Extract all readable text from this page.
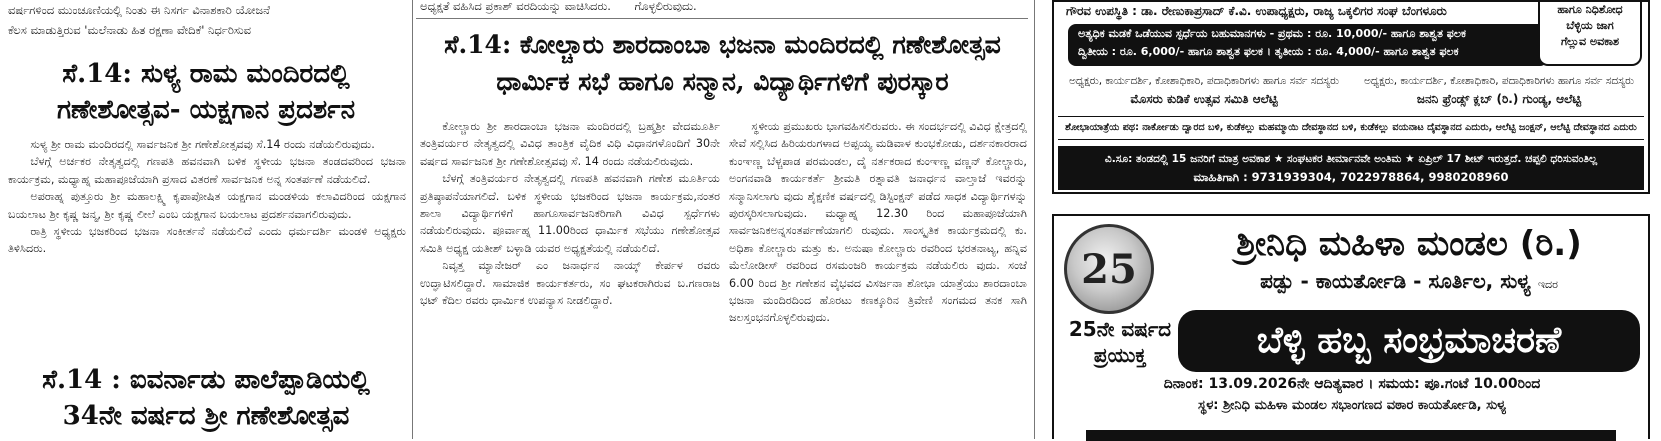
ವರ್ಷಗಳಿಂದ ಮುಂಚೂಣಿಯಲ್ಲಿ ನಿಂತು ಈ ನಿಸರ್ಗ ವಿನಾಶಕಾರಿ ಯೋಜನೆ
ಕೆಲಸ ಮಾಡುತ್ತಿರುವ 'ಮಲೆನಾಡು ಹಿತ ರಕ್ಷಣಾ ವೇದಿಕೆ' ನಿರ್ಧರಿಸುವ
ಸೆ.14: ಸುಳ್ಯ ರಾಮ ಮಂದಿರದಲ್ಲಿ
ಗಣೇಶೋತ್ಸವ- ಯಕ್ಷಗಾನ ಪ್ರದರ್ಶನ

ಸುಳ್ಯ ಶ್ರೀ ರಾಮ ಮಂದಿರದಲ್ಲಿ ಸಾರ್ವಜನಿಕ ಶ್ರೀ ಗಣೇಶೋತ್ಸವವು ಸೆ.14 ರಂದು ನಡೆಯಲಿರುವುದು.

ಬೆಳಗ್ಗೆ ಅರ್ಚಕರ ನೇತೃತ್ವದಲ್ಲಿ ಗಣಪತಿ ಹವನವಾಗಿ ಬಳಿಕ ಸ್ಥಳೀಯ ಭಜನಾ ತಂಡದವರಿಂದ ಭಜನಾ ಕಾರ್ಯಕ್ರಮ, ಮಧ್ಯಾಹ್ನ ಮಹಾಪೂಜೆಯಾಗಿ ಪ್ರಸಾದ ವಿತರಣೆ ಸಾರ್ವಜನಿಕ ಅನ್ನ ಸಂತರ್ಪಣೆ ನಡೆಯಲಿದೆ.

ಅಪರಾಹ್ನ ಪುತ್ತೂರು ಶ್ರೀ ಮಹಾಲಕ್ಷ್ಮಿ ಕೃಪಾಪೋಷಿತ ಯಕ್ಷಗಾನ ಮಂಡಳಿಯ ಕಲಾವಿದರಿಂದ ಯಕ್ಷಗಾನ ಬಯಲಾಟ ಶ್ರೀ ಕೃಷ್ಣ ಜನ್ಮ, ಶ್ರೀ ಕೃಷ್ಣ ಲೀಲೆ ಎಂಬ ಯಕ್ಷಗಾನ ಬಯಲಾಟ ಪ್ರದರ್ಶನವಾಗಲಿರುವುದು.

ರಾತ್ರಿ ಸ್ಥಳೀಯ ಭಜಕರಿಂದ ಭಜನಾ ಸಂಕೀರ್ತನೆ ನಡೆಯಲಿದೆ ಎಂದು ಧರ್ಮದರ್ಶಿ ಮಂಡಳಿ ಅಧ್ಯಕ್ಷರು ತಿಳಿಸಿದರು.

ಸೆ.14 : ಐವರ್ನಾಡು ಪಾಲೆಪ್ಪಾಡಿಯಲ್ಲಿ
34ನೇ ವರ್ಷದ ಶ್ರೀ ಗಣೇಶೋತ್ಸವ
ಅಧ್ಯಕ್ಷತೆ ವಹಿಸಿದ ಪ್ರಕಾಶ್ ವರದಿಯನ್ನು ವಾಚಿಸಿದರು. ಗೊಳ್ಳಲಿರುವುದು.
ಸೆ.14: ಕೋಲ್ಚಾರು ಶಾರದಾಂಬಾ ಭಜನಾ ಮಂದಿರದಲ್ಲಿ ಗಣೇಶೋತ್ಸವ
ಧಾರ್ಮಿಕ ಸಭೆ ಹಾಗೂ ಸನ್ಮಾನ, ವಿದ್ಯಾರ್ಥಿಗಳಿಗೆ ಪುರಸ್ಕಾರ

ಕೋಲ್ಚಾರು ಶ್ರೀ ಶಾರದಾಂಬಾ ಭಜನಾ ಮಂದಿರದಲ್ಲಿ ಬ್ರಹ್ಮಶ್ರೀ ವೇದಮೂರ್ತಿ ತಂತ್ರಿವರ್ಯರ ನೇತೃತ್ವದಲ್ಲಿ ವಿವಿಧ ತಾಂತ್ರಿಕ ವೈದಿಕ ವಿಧಿ ವಿಧಾನಗಳೊಂದಿಗೆ 30ನೇ ವರ್ಷದ ಸಾರ್ವಜನಿಕ ಶ್ರೀ ಗಣೇಶೋತ್ಸವವು ಸೆ. 14 ರಂದು ನಡೆಯಲಿರುವುದು.

ಬೆಳಗ್ಗೆ ತಂತ್ರಿವರ್ಯರ ನೇತೃತ್ವದಲ್ಲಿ ಗಣಪತಿ ಹವನವಾಗಿ ಗಣೇಶ ಮೂರ್ತಿಯ ಪ್ರತಿಷ್ಠಾಪನೆಯಾಗಲಿದೆ. ಬಳಿಕ ಸ್ಥಳೀಯ ಭಜಕರಿಂದ ಭಜನಾ ಕಾರ್ಯಕ್ರಮ,ನಂತರ ಶಾಲಾ ವಿದ್ಯಾರ್ಥಿಗಳಿಗೆ ಹಾಗೂಸಾರ್ವಜನಿಕರಿಗಾಗಿ ವಿವಿಧ ಸ್ಪರ್ಧೆಗಳು ನಡೆಯಲಿರುವುದು. ಪೂರ್ವಾಹ್ನ 11.00ರಿಂದ ಧಾರ್ಮಿಕ ಸಭೆಯು ಗಣೇಶೋತ್ಸವ ಸಮಿತಿ ಅಧ್ಯಕ್ಷ ಯತೀಶ್ ಬಳ್ಳಾಡಿ ಯವರ ಅಧ್ಯಕ್ಷತೆಯಲ್ಲಿ ನಡೆಯಲಿದೆ.

ನಿವೃತ್ತ ಮ್ಯಾನೇಜರ್ ಎಂ ಜನಾರ್ಧನ ನಾಯ್ಕ್ ಕೇರ್ಪಳ ರವರು ಉದ್ಘಾಟಿಸಲಿದ್ದಾರೆ. ಸಾಮಾಜಿಕ ಕಾರ್ಯಕರ್ತರು, ಸಂ ಘಟಕರಾಗಿರುವ ಬ.ಗಣರಾಜ ಭಟ್ ಕೆದಿಲ ರವರು ಧಾರ್ಮಿಕ ಉಪನ್ಯಾಸ ನೀಡಲಿದ್ದಾರೆ.

ಸ್ಥಳೀಯ ಪ್ರಮುಖರು ಭಾಗವಹಿಸಲಿರುವರು. ಈ ಸಂದರ್ಭದಲ್ಲಿ ವಿವಿಧ ಕ್ಷೇತ್ರದಲ್ಲಿ ಸೇವೆ ಸಲ್ಲಿಸಿದ ಹಿರಿಯರುಗಳಾದ ಅಪ್ಪಯ್ಯ ಮಡಿವಾಳ ಕುಂಭಕೋಡು, ದರ್ಶನಕಾರರಾದ ಕುಂಞಣ್ಣ ಬೆಳ್ಚಪಾಡ ಪರಮಂಡಲ, ದೈ ನರ್ತಕರಾದ ಕುಂಞಣ್ಣ ವಣ್ಣನ್ ಕೋಲ್ಚಾರು, ಅಂಗನವಾಡಿ ಕಾರ್ಯಕರ್ತೆ ಶ್ರೀಮತಿ ರತ್ನಾವತಿ ಜನಾರ್ಧನ ವಾಲ್ತಾಜೆ ಇವರನ್ನು ಸನ್ಮಾನಿಸಲಾಗು ವುದು ಶೈಕ್ಷಣಿಕ ವರ್ಷದಲ್ಲಿ ಡಿಸ್ಟಿಂಕ್ಷನ್ ಪಡೆದ ಸಾಧಕ ವಿದ್ಯಾರ್ಥಿಗಳನ್ನು ಪುರಸ್ಕರಿಸಲಾಗುವುದು. ಮಧ್ಯಾಹ್ನ 12.30 ರಿಂದ ಮಹಾಪೂಜೆಯಾಗಿ ಸಾರ್ವಜನಿಕಅನ್ನಸಂತರ್ಪಣೆಯಾಗಲಿ ರುವುದು. ಸಾಂಸ್ಕೃತಿಕ ಕಾರ್ಯಕ್ರಮದಲ್ಲಿ ಕು. ಅಧಿಶಾ ಕೋಲ್ಚಾರು ಮತ್ತು ಕು. ಅನುಷಾ ಕೋಲ್ಚಾರು ರವರಿಂದ ಭರತನಾಟ್ಯ, ಹನ್ನಿವ ಮೆಲೋಡೀಸ್ ರವರಿಂದ ರಸಮಂಜರಿ ಕಾರ್ಯಕ್ರಮ ನಡೆಯಲಿರು ವುದು. ಸಂಜೆ 6.00 ರಿಂದ ಶ್ರೀ ಗಣೇಶನ ವೈಭವದ ವಿಸರ್ಜನಾ ಶೋಭಾ ಯಾತ್ರೆಯು ಶಾರದಾಂಬಾ ಭಜನಾ ಮಂದಿರದಿಂದ ಹೊರಟು ಕಣಕ್ಕೂರಿನ ತ್ರಿವೇಣಿ ಸಂಗಮದ ತನಕ ಸಾಗಿ ಜಲಸ್ತಂಭನಗೊಳ್ಳಲಿರುವುದು.

ಗೌರವ ಉಪಸ್ಥಿತಿ : ಡಾ. ರೇಣುಕಾಪ್ರಸಾದ್ ಕೆ.ವಿ. ಉಪಾಧ್ಯಕ್ಷರು, ರಾಜ್ಯ ಒಕ್ಕಲಿಗರ ಸಂಘ ಬೆಂಗಳೂರು
ಅತ್ಯಧಿಕ ಮಡಕೆ ಒಡೆಯುವ ಸ್ಪರ್ಧೆಯ ಬಹುಮಾನಗಳು - ಪ್ರಥಮ : ರೂ. 10,000/- ಹಾಗೂ ಶಾಶ್ವತ ಫಲಕ
ದ್ವಿತೀಯ : ರೂ. 6,000/- ಹಾಗೂ ಶಾಶ್ವತ ಫಲಕ । ತೃತೀಯ : ರೂ. 4,000/- ಹಾಗೂ ಶಾಶ್ವತ ಫಲಕ
ಹಾಗೂ ನಿಧಿಶೋಧ
ಬೆಳ್ಳಿಯ ಜಾಗ
ಗೆಲ್ಲುವ ಅವಕಾಶ
ಅಧ್ಯಕ್ಷರು, ಕಾರ್ಯದರ್ಶಿ, ಕೋಶಾಧಿಕಾರಿ, ಪದಾಧಿಕಾರಿಗಳು ಹಾಗೂ ಸರ್ವ ಸದಸ್ಯರು
ಮೊಸರು ಕುಡಿಕೆ ಉತ್ಸವ ಸಮಿತಿ ಆಲೆಟ್ಟಿ
ಅಧ್ಯಕ್ಷರು, ಕಾರ್ಯದರ್ಶಿ, ಕೋಶಾಧಿಕಾರಿ, ಪದಾಧಿಕಾರಿಗಳು ಹಾಗೂ ಸರ್ವ ಸದಸ್ಯರು
ಜನನಿ ಫ್ರೆಂಡ್ಸ್ ಕ್ಲಬ್ (ರಿ.) ಗುಂಡ್ಯ, ಆಲೆಟ್ಟಿ
ಶೋಭಾಯಾತ್ರೆಯ ಪಥ: ನಾರ್ಕೋಡು ದ್ವಾರದ ಬಳಿ, ಕುಡೆಕಲ್ಲು ಮಹಮ್ಮಾಯಿ ದೇವಸ್ಥಾನದ ಬಳಿ, ಕುಡೆಕಲ್ಲು ವಯನಾಟ ದೈವಸ್ಥಾನದ ಎದುರು, ಆಲೆಟ್ಟಿ ಜಂಕ್ಷನ್, ಆಲೆಟ್ಟಿ ದೇವಸ್ಥಾನದ ಎದುರು
ವಿ.ಸೂ: ತಂಡದಲ್ಲಿ 15 ಜನರಿಗೆ ಮಾತ್ರ ಅವಕಾಶ ★ ಸಂಘಟಕರ ತೀರ್ಮಾನವೇ ಅಂತಿಮ ★ ಏಪ್ರಿಲ್ 17 ಶೀಟ್ ಇರುತ್ತದೆ. ಚಪ್ಪಲಿ ಧರಿಸುವಂತಿಲ್ಲ
ಮಾಹಿತಿಗಾಗಿ : 9731939304, 7022978864, 9980208960
25
ಶ್ರೀನಿಧಿ ಮಹಿಳಾ ಮಂಡಲ (ರಿ.)
ಪಡ್ಪು - ಕಾಯರ್ತೋಡಿ - ಸೂರ್ತಿಲ, ಸುಳ್ಯ ಇದರ
25ನೇ ವರ್ಷದ
ಪ್ರಯುಕ್ತ	ಬೆಳ್ಳಿ ಹಬ್ಬ ಸಂಭ್ರಮಾಚರಣೆ
ದಿನಾಂಕ: 13.09.2026ನೇ ಆದಿತ್ಯವಾರ । ಸಮಯ: ಪೂ.ಗಂಟೆ 10.00ರಿಂದ
ಸ್ಥಳ: ಶ್ರೀನಿಧಿ ಮಹಿಳಾ ಮಂಡಲ ಸಭಾಂಗಣದ ವಠಾರ ಕಾಯರ್ತೋಡಿ, ಸುಳ್ಯ
